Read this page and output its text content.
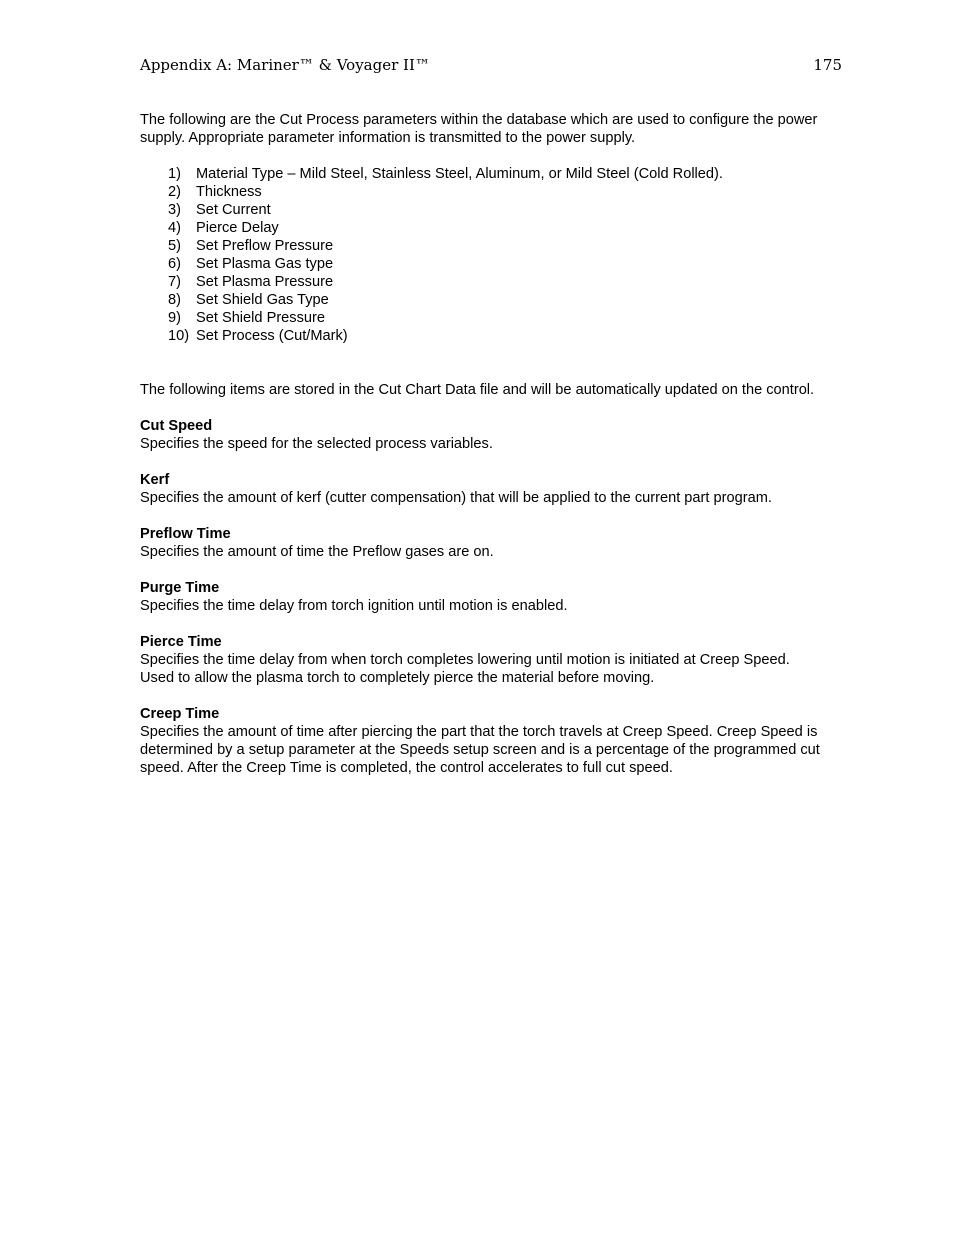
Appendix A: Mariner™ & Voyager II™	175

The following are the Cut Process parameters within the database which are used to configure the power supply. Appropriate parameter information is transmitted to the power supply.

1)	Material Type – Mild Steel, Stainless Steel, Aluminum, or Mild Steel (Cold Rolled).
2)	Thickness
3)	Set Current
4)	Pierce Delay
5)	Set Preflow Pressure
6)	Set Plasma Gas type
7)	Set Plasma Pressure
8)	Set Shield Gas Type
9)	Set Shield Pressure
10) Set Process (Cut/Mark)

The following items are stored in the Cut Chart Data file and will be automatically updated on the control.

Cut Speed
Specifies the speed for the selected process variables.
Kerf
Specifies the amount of kerf (cutter compensation) that will be applied to the current part program.
Preflow Time
Specifies the amount of time the Preflow gases are on.
Purge Time
Specifies the time delay from torch ignition until motion is enabled.
Pierce Time
Specifies the time delay from when torch completes lowering until motion is initiated at Creep Speed. Used to allow the plasma torch to completely pierce the material before moving.
Creep Time
Specifies the amount of time after piercing the part that the torch travels at Creep Speed. Creep Speed is determined by a setup parameter at the Speeds setup screen and is a percentage of the programmed cut speed. After the Creep Time is completed, the control accelerates to full cut speed.
